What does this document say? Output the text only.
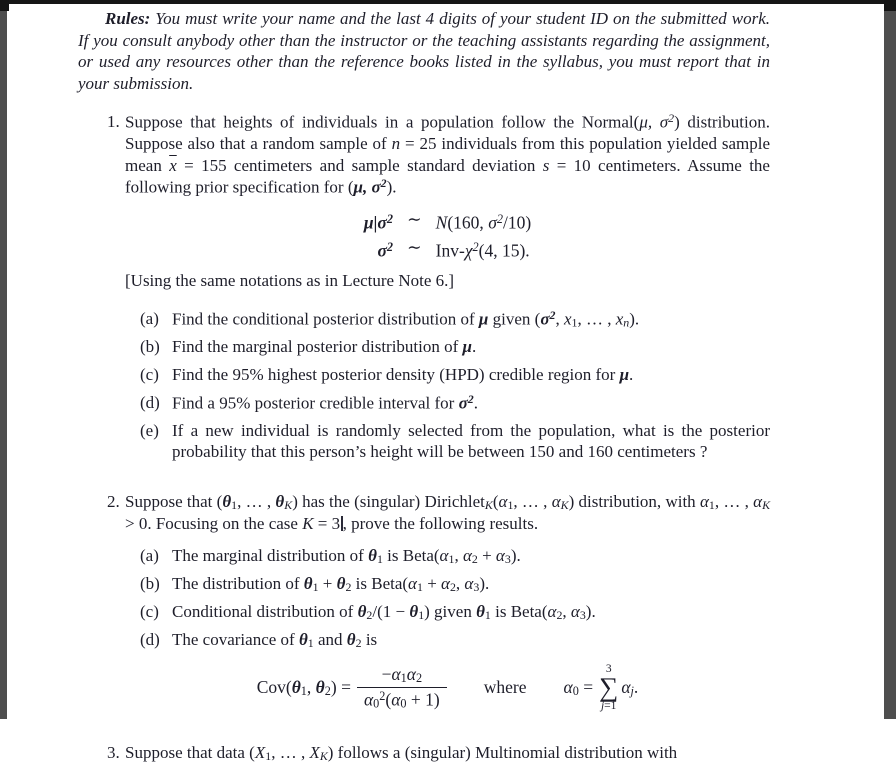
Rules: You must write your name and the last 4 digits of your student ID on the submitted work. If you consult anybody other than the instructor or the teaching assistants regarding the assignment, or used any resources other than the reference books listed in the syllabus, you must report that in your submission.

1. Suppose that heights of individuals in a population follow the Normal(μ, $\sigma^2$) distribution. Suppose also that a random sample of n = 25 individuals from this population yielded sample mean $\overline{x} = 155$ centimeters and sample standard deviation s = 10 centimeters. Assume the following prior specification for (μ, $\sigma^2$).

$\mu|\sigma^2$ ∼ N(160, $\sigma^2/10$)
$\sigma^2$ ∼ Inv-$\chi^2(4$, 15).

[Using the same notations as in Lecture Note 6.]

(a) Find the conditional posterior distribution of μ given ($\sigma^2$, x1, … , xn).
(b) Find the marginal posterior distribution of μ.
(c) Find the 95% highest posterior density (HPD) credible region for μ.
(d) Find a 95% posterior credible interval for $\sigma^2$.
(e) If a new individual is randomly selected from the population, what is the posterior probability that this person’s height will be between 150 and 160 centimeters ?
2. Suppose that (θ1, … , θK) has the (singular) DirichletK(α1, … , αK) distribution, with α1, … , αK > 0. Focusing on the case K = 3 , prove the following results.

(a) The marginal distribution of θ1 is Beta(α1, α2 + α3).
(b) The distribution of θ1 + θ2 is Beta(α1 + α2, α3).
(c) Conditional distribution of θ2/(1 − θ1) given θ1 is Beta(α2, α3).
(d) The covariance of θ1 and θ2 is
Cov(θ1, $\theta 2) = \frac{-\alpha 1\alpha 2}{\alpha 0^2(\alpha 0 + 1)}$ where α0 =
3
∑
j=1
αj.
3. Suppose that data (X1, … , XK) follows a (singular) Multinomial distribution with
